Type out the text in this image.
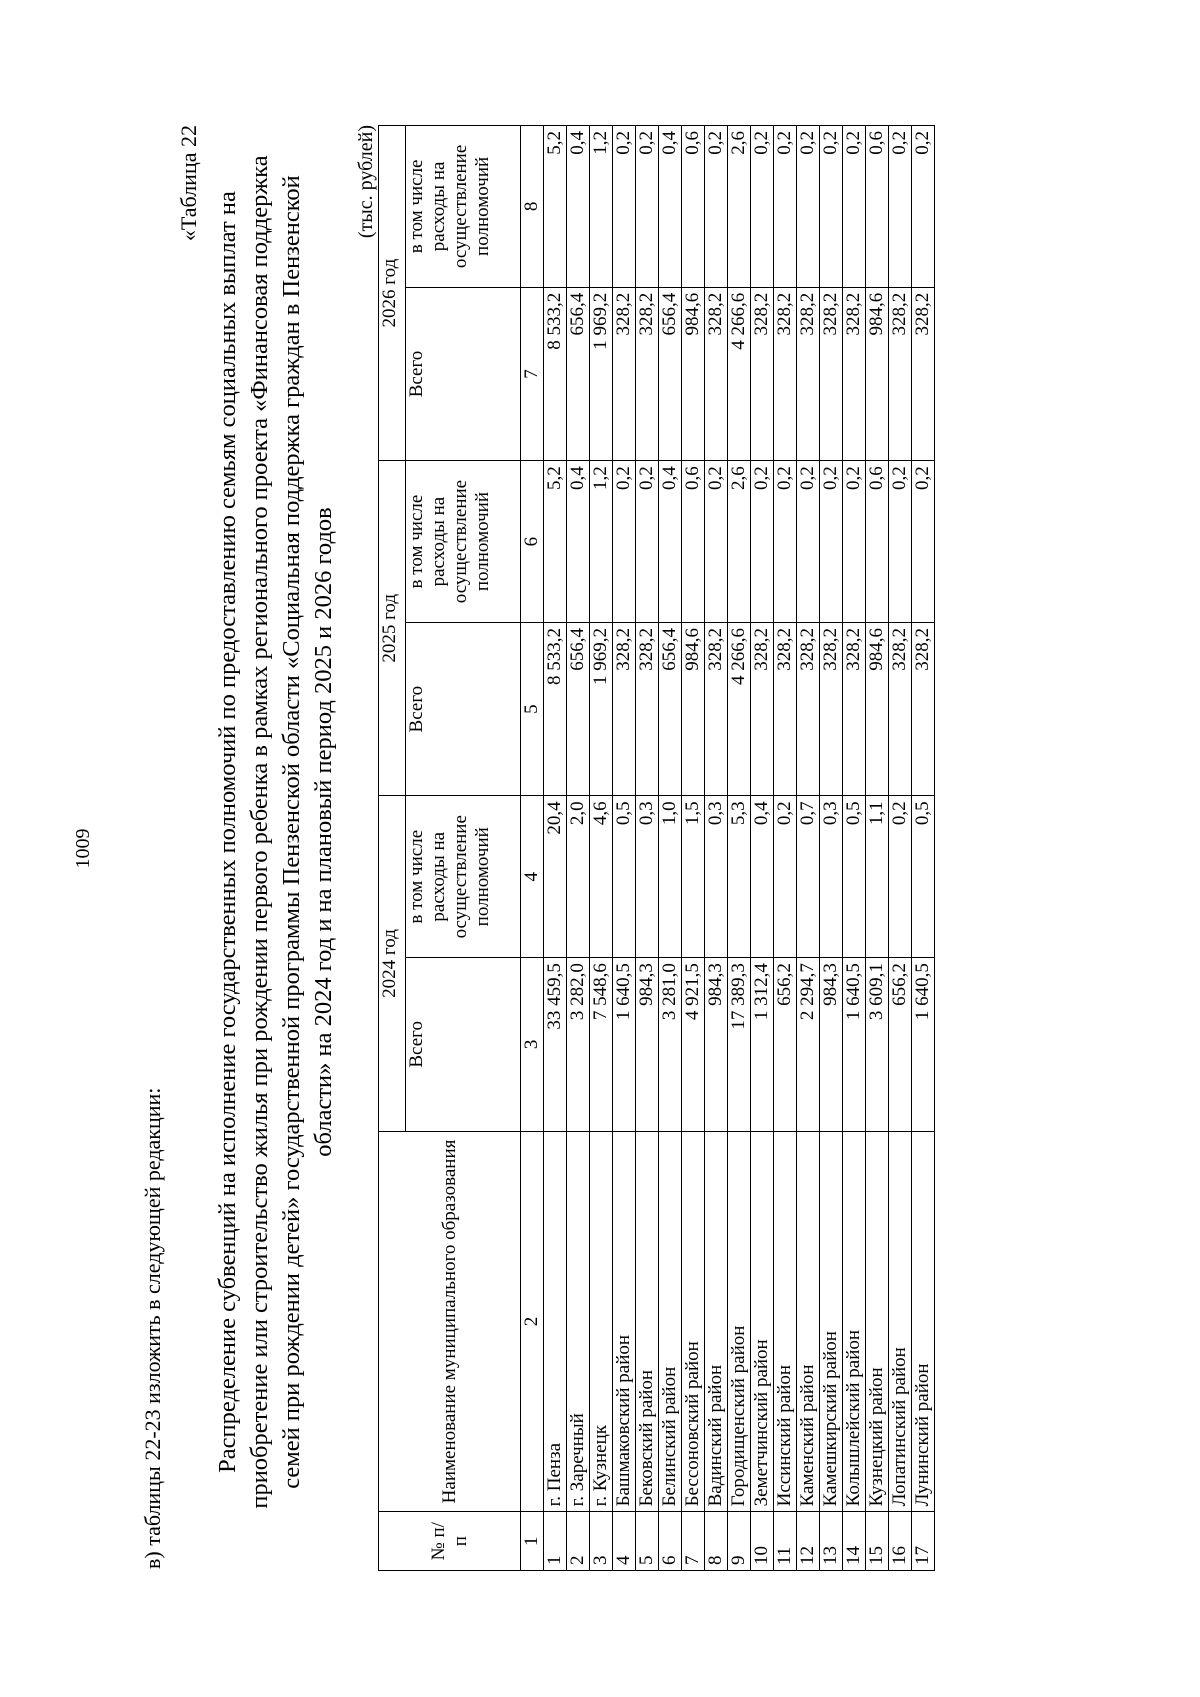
1009
в) таблицы 22-23 изложить в следующей редакции:
«Таблица 22
Распределение субвенций на исполнение государственных полномочий по предоставлению семьям социальных выплат на приобретение или строительство жилья при рождении первого ребенка в рамках регионального проекта «Финансовая поддержка семей при рождении детей» государственной программы Пензенской области «Социальная поддержка граждан в Пензенской области» на 2024 год и на плановый период 2025 и 2026 годов
(тыс. рублей)
№ п/п	Наименование муниципального образования	2024 год		2025 год		2026 год	
		Всего	в том числе расходы на осуществление полномочий	Всего	в том числе расходы на осуществление полномочий	Всего	в том числе расходы на осуществление полномочий
1	2	3	4	5	6	7	8
1	г. Пенза	33 459,5	20,4	8 533,2	5,2	8 533,2	5,2
2	г. Заречный	3 282,0	2,0	656,4	0,4	656,4	0,4
3	г. Кузнецк	7 548,6	4,6	1 969,2	1,2	1 969,2	1,2
4	Башмаковский район	1 640,5	0,5	328,2	0,2	328,2	0,2
5	Бековский район	984,3	0,3	328,2	0,2	328,2	0,2
6	Белинский район	3 281,0	1,0	656,4	0,4	656,4	0,4
7	Бессоновский район	4 921,5	1,5	984,6	0,6	984,6	0,6
8	Вадинский район	984,3	0,3	328,2	0,2	328,2	0,2
9	Городищенский район	17 389,3	5,3	4 266,6	2,6	4 266,6	2,6
10	Земетчинский район	1 312,4	0,4	328,2	0,2	328,2	0,2
11	Иссинский район	656,2	0,2	328,2	0,2	328,2	0,2
12	Каменский район	2 294,7	0,7	328,2	0,2	328,2	0,2
13	Камешкирский район	984,3	0,3	328,2	0,2	328,2	0,2
14	Колышлейский район	1 640,5	0,5	328,2	0,2	328,2	0,2
15	Кузнецкий район	3 609,1	1,1	984,6	0,6	984,6	0,6
16	Лопатинский район	656,2	0,2	328,2	0,2	328,2	0,2
17	Лунинский район	1 640,5	0,5	328,2	0,2	328,2	0,2
